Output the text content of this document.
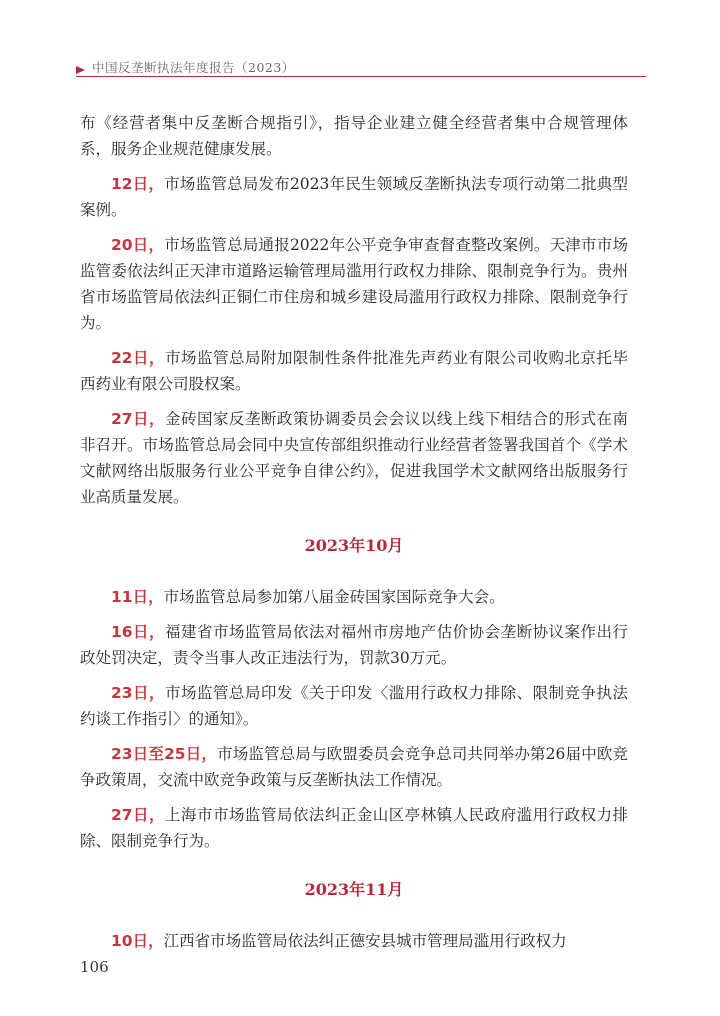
中国反垄断执法年度报告（2023）

布《经营者集中反垄断合规指引》，指导企业建立健全经营者集中合规管理体系，服务企业规范健康发展。

12日，市场监管总局发布2023年民生领域反垄断执法专项行动第二批典型案例。

20日，市场监管总局通报2022年公平竞争审查督查整改案例。天津市市场监管委依法纠正天津市道路运输管理局滥用行政权力排除、限制竞争行为。贵州省市场监管局依法纠正铜仁市住房和城乡建设局滥用行政权力排除、限制竞争行为。

22日，市场监管总局附加限制性条件批准先声药业有限公司收购北京托毕西药业有限公司股权案。

27日，金砖国家反垄断政策协调委员会会议以线上线下相结合的形式在南非召开。市场监管总局会同中央宣传部组织推动行业经营者签署我国首个《学术文献网络出版服务行业公平竞争自律公约》，促进我国学术文献网络出版服务行业高质量发展。

2023年10月

11日，市场监管总局参加第八届金砖国家国际竞争大会。

16日，福建省市场监管局依法对福州市房地产估价协会垄断协议案作出行政处罚决定，责令当事人改正违法行为，罚款30万元。

23日，市场监管总局印发《关于印发〈滥用行政权力排除、限制竞争执法约谈工作指引〉的通知》。

23日至25日，市场监管总局与欧盟委员会竞争总司共同举办第26届中欧竞争政策周，交流中欧竞争政策与反垄断执法工作情况。

27日，上海市市场监管局依法纠正金山区亭林镇人民政府滥用行政权力排除、限制竞争行为。

2023年11月

10日，江西省市场监管局依法纠正德安县城市管理局滥用行政权力

106
